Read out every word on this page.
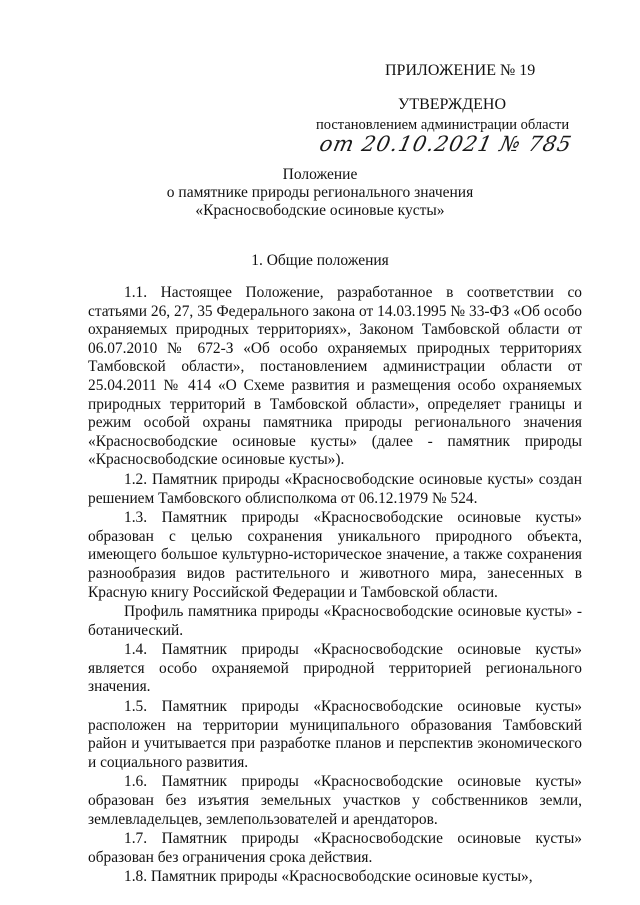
ПРИЛОЖЕНИЕ № 19
УТВЕРЖДЕНО
постановлением администрации области
от 20.10.2021 № 785
Положение
о памятнике природы регионального значения
«Красносвободские осиновые кусты»
1. Общие положения

1.1. Настоящее Положение, разработанное в соответствии со статьями 26, 27, 35 Федерального закона от 14.03.1995 № 33-ФЗ «Об особо охраняемых природных территориях», Законом Тамбовской области от 06.07.2010 № 672-З «Об особо охраняемых природных территориях Тамбовской области», постановлением администрации области от 25.04.2011 № 414 «О Схеме развития и размещения особо охраняемых природных территорий в Тамбовской области», определяет границы и режим особой охраны памятника природы регионального значения «Красносвободские осиновые кусты» (далее - памятник природы «Красносвободские осиновые кусты»).

1.2. Памятник природы «Красносвободские осиновые кусты» создан решением Тамбовского облисполкома от 06.12.1979 № 524.

1.3. Памятник природы «Красносвободские осиновые кусты» образован с целью сохранения уникального природного объекта, имеющего большое культурно-историческое значение, а также сохранения разнообразия видов растительного и животного мира, занесенных в Красную книгу Российской Федерации и Тамбовской области.

Профиль памятника природы «Красносвободские осиновые кусты» - ботанический.

1.4. Памятник природы «Красносвободские осиновые кусты» является особо охраняемой природной территорией регионального значения.

1.5. Памятник природы «Красносвободские осиновые кусты» расположен на территории муниципального образования Тамбовский район и учитывается при разработке планов и перспектив экономического и социального развития.

1.6. Памятник природы «Красносвободские осиновые кусты» образован без изъятия земельных участков у собственников земли, землевладельцев, землепользователей и арендаторов.

1.7. Памятник природы «Красносвободские осиновые кусты» образован без ограничения срока действия.

1.8. Памятник природы «Красносвободские осиновые кусты»,
